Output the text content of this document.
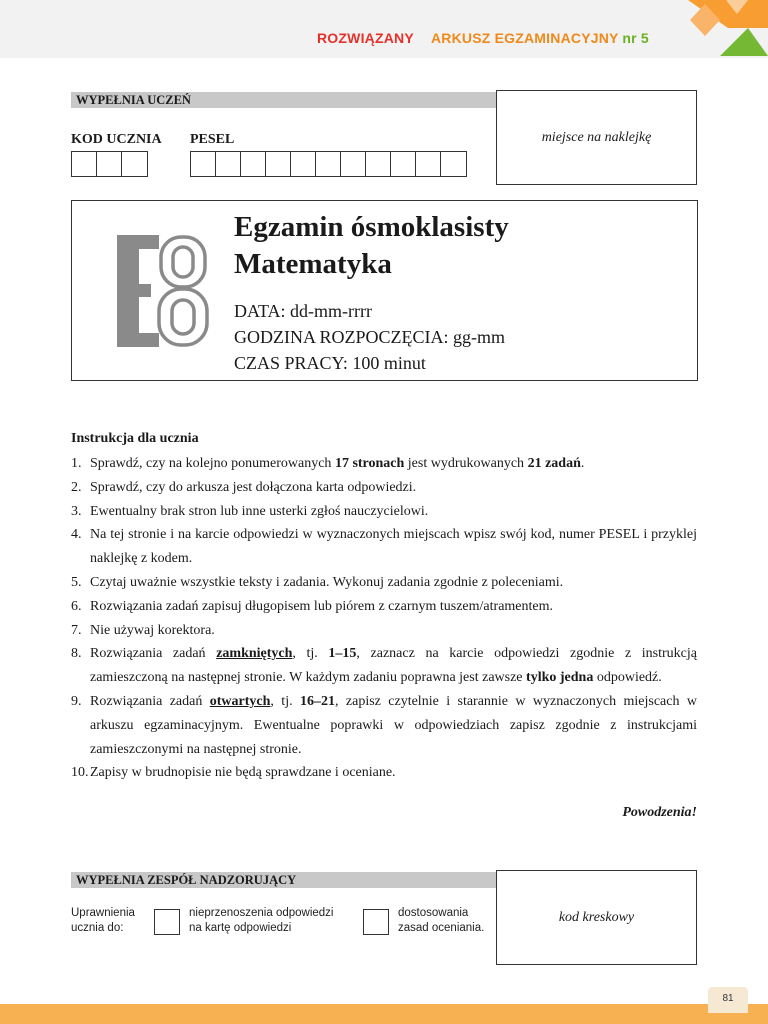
ROZWIĄZANY ARKUSZ EGZAMINACYJNY nr 5
WYPEŁNIA UCZEŃ
KOD UCZNIA PESEL	miejsce na naklejkę
Egzamin ósmoklasisty
Matematyka
DATA: dd-mm-rrrr
GODZINA ROZPOCZĘCIA: gg-mm
CZAS PRACY: 100 minut
Instrukcja dla ucznia
1. Sprawdź, czy na kolejno ponumerowanych 17 stronach jest wydrukowanych 21 zadań.
2. Sprawdź, czy do arkusza jest dołączona karta odpowiedzi.
3. Ewentualny brak stron lub inne usterki zgłoś nauczycielowi.
4. Na tej stronie i na karcie odpowiedzi w wyznaczonych miejscach wpisz swój kod, numer PESEL i przyklej naklejkę z kodem.
5. Czytaj uważnie wszystkie teksty i zadania. Wykonuj zadania zgodnie z poleceniami.
6. Rozwiązania zadań zapisuj długopisem lub piórem z czarnym tuszem/atramentem.
7. Nie używaj korektora.
8. Rozwiązania zadań zamkniętych, tj. 1–15, zaznacz na karcie odpowiedzi zgodnie z instrukcją zamieszczoną na następnej stronie. W każdym zadaniu poprawna jest zawsze tylko jedna odpowiedź.
9. Rozwiązania zadań otwartych, tj. 16–21, zapisz czytelnie i starannie w wyznaczonych miejscach w arkuszu egzaminacyjnym. Ewentualne poprawki w odpowiedziach zapisz zgodnie z instrukcjami zamieszczonymi na następnej stronie.
10. Zapisy w brudnopisie nie będą sprawdzane i oceniane.
Powodzenia!
WYPEŁNIA ZESPÓŁ NADZORUJĄCY
Uprawnienia
ucznia do:
nieprzenoszenia odpowiedzi
na kartę odpowiedzi
dostosowania
zasad oceniania.
kod kreskowy
81
